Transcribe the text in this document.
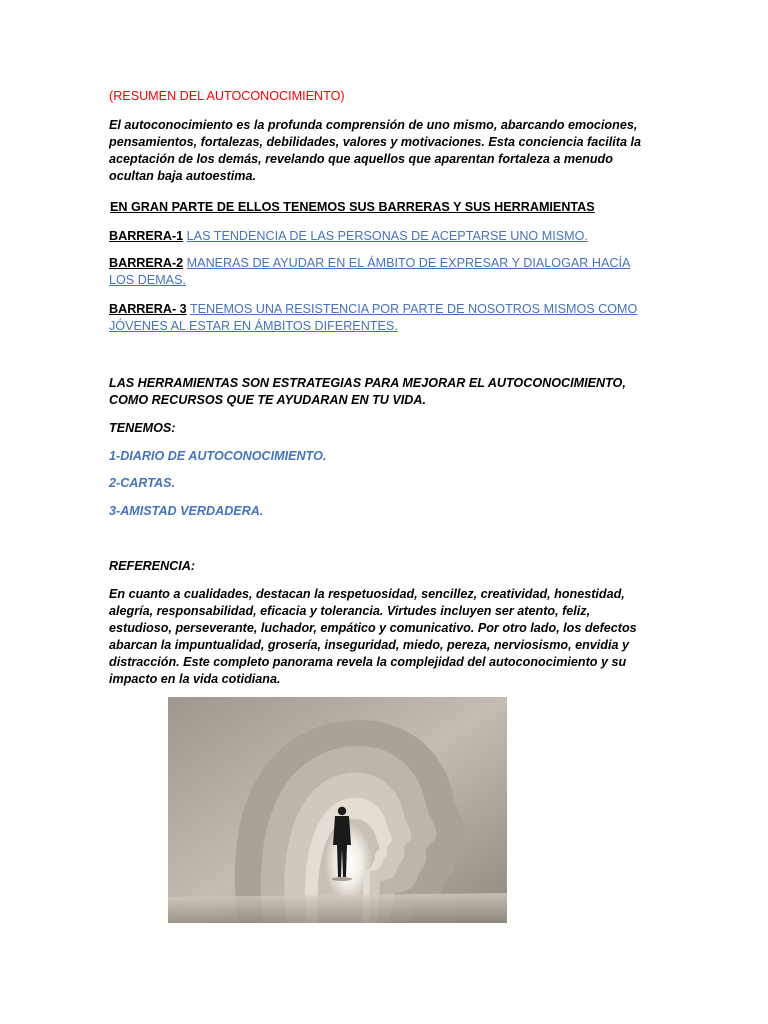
(RESUMEN DEL AUTOCONOCIMIENTO)
El autoconocimiento es la profunda comprensión de uno mismo, abarcando emociones, pensamientos, fortalezas, debilidades, valores y motivaciones. Esta conciencia facilita la aceptación de los demás, revelando que aquellos que aparentan fortaleza a menudo ocultan baja autoestima.
EN GRAN PARTE DE ELLOS TENEMOS SUS BARRERAS Y SUS HERRAMIENTAS
BARRERA-1 LAS TENDENCIA DE LAS PERSONAS DE ACEPTARSE UNO MISMO.
BARRERA-2 MANERAS DE AYUDAR EN EL ÁMBITO DE EXPRESAR Y DIALOGAR HACÍA LOS DEMAS.
BARRERA- 3 TENEMOS UNA RESISTENCIA POR PARTE DE NOSOTROS MISMOS COMO JÓVENES AL ESTAR EN ÁMBITOS DIFERENTES.
LAS HERRAMIENTAS SON ESTRATEGIAS PARA MEJORAR EL AUTOCONOCIMIENTO, COMO RECURSOS QUE TE AYUDARAN EN TU VIDA.
TENEMOS:
1-DIARIO DE AUTOCONOCIMIENTO.
2-CARTAS.
3-AMISTAD VERDADERA.
REFERENCIA:
En cuanto a cualidades, destacan la respetuosidad, sencillez, creatividad, honestidad, alegría, responsabilidad, eficacia y tolerancia. Virtudes incluyen ser atento, feliz, estudioso, perseverante, luchador, empático y comunicativo. Por otro lado, los defectos abarcan la impuntualidad, grosería, inseguridad, miedo, pereza, nerviosismo, envidia y distracción. Este completo panorama revela la complejidad del autoconocimiento y su impacto en la vida cotidiana.
